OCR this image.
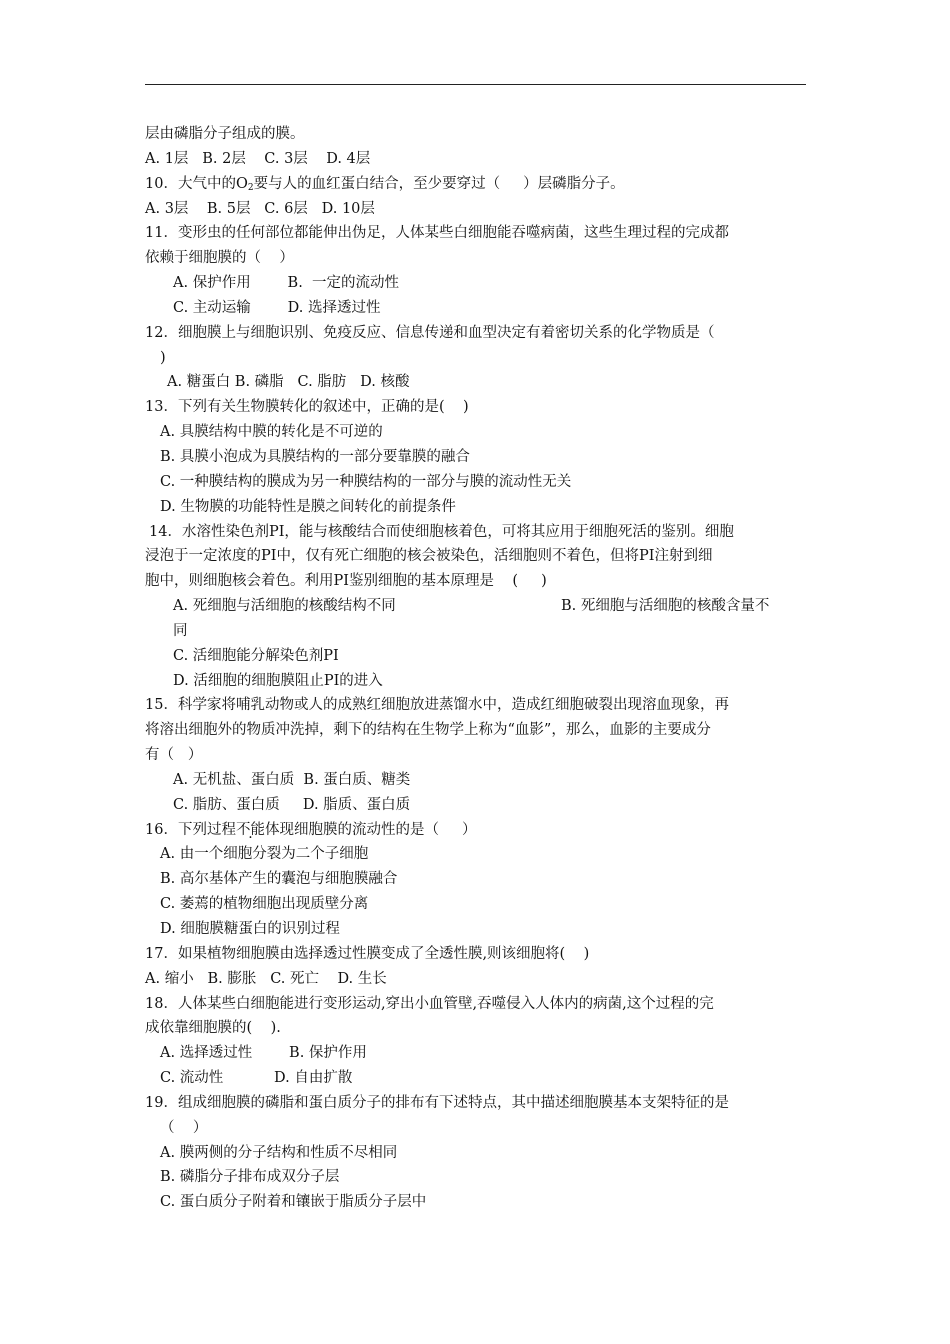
层由磷脂分子组成的膜。
A. 1层   B. 2层    C. 3层    D. 4层
10．大气中的$O_2$要与人的血红蛋白结合，至少要穿过（     ）层磷脂分子。
A. 3层    B. 5层   C. 6层   D. 10层
11．变形虫的任何部位都能伸出伪足，人体某些白细胞能吞噬病菌，这些生理过程的完成都
依赖于细胞膜的（    ）
A. 保护作用        B.  一定的流动性
C. 主动运输        D. 选择透过性
12．细胞膜上与细胞识别、免疫反应、信息传递和血型决定有着密切关系的化学物质是（
)
A. 糖蛋白 B. 磷脂   C. 脂肪   D. 核酸
13．下列有关生物膜转化的叙述中，正确的是(    )
A. 具膜结构中膜的转化是不可逆的
B. 具膜小泡成为具膜结构的一部分要靠膜的融合
C. 一种膜结构的膜成为另一种膜结构的一部分与膜的流动性无关
D. 生物膜的功能特性是膜之间转化的前提条件
14．水溶性染色剂PI，能与核酸结合而使细胞核着色，可将其应用于细胞死活的鉴别。细胞
浸泡于一定浓度的PI中，仅有死亡细胞的核会被染色，活细胞则不着色，但将PI注射到细
胞中，则细胞核会着色。利用PI鉴别细胞的基本原理是    (     )
A. 死细胞与活细胞的核酸结构不同	B. 死细胞与活细胞的核酸含量不
同
C. 活细胞能分解染色剂PI
D. 活细胞的细胞膜阻止PI的进入
15．科学家将哺乳动物或人的成熟红细胞放进蒸馏水中，造成红细胞破裂出现溶血现象，再
将溶出细胞外的物质冲洗掉，剩下的结构在生物学上称为“血影”，那么，血影的主要成分
有（   ）
A. 无机盐、蛋白质  B. 蛋白质、糖类
C. 脂肪、蛋白质     D. 脂质、蛋白质
16．下列过程不能体现细胞膜的流动性的是（     ）
A. 由一个细胞分裂为二个子细胞
B. 高尔基体产生的囊泡与细胞膜融合
C. 萎蔫的植物细胞出现质壁分离
D. 细胞膜糖蛋白的识别过程
17．如果植物细胞膜由选择透过性膜变成了全透性膜,则该细胞将(    )
A. 缩小   B. 膨胀   C. 死亡    D. 生长
18．人体某些白细胞能进行变形运动,穿出小血管壁,吞噬侵入人体内的病菌,这个过程的完
成依靠细胞膜的(    ).
A. 选择透过性        B. 保护作用
C. 流动性           D. 自由扩散
19．组成细胞膜的磷脂和蛋白质分子的排布有下述特点，其中描述细胞膜基本支架特征的是
（    ）
A. 膜两侧的分子结构和性质不尽相同
B. 磷脂分子排布成双分子层
C. 蛋白质分子附着和镶嵌于脂质分子层中
